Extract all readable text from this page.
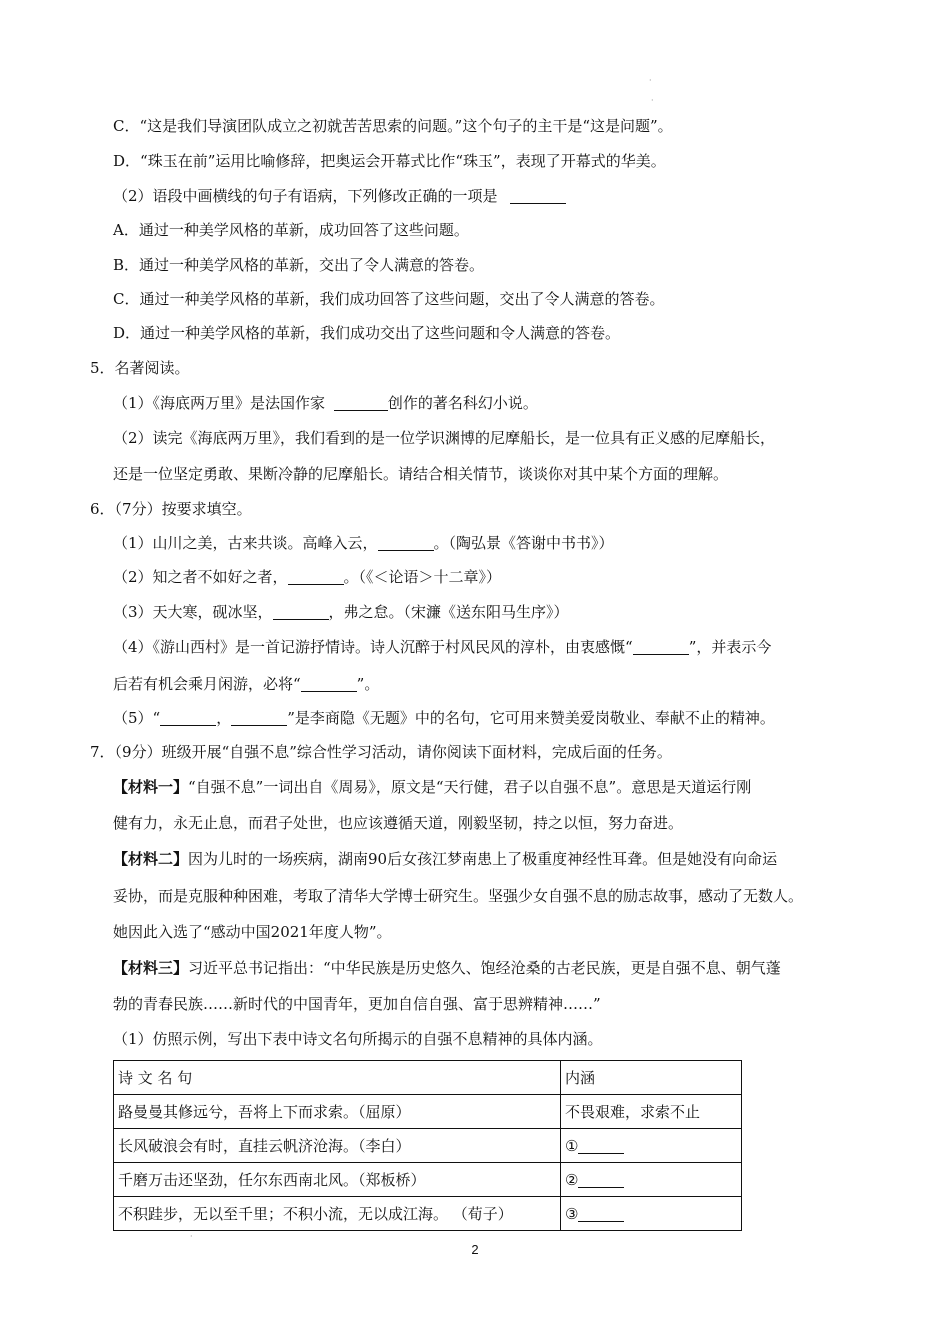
·
·
C．“这是我们导演团队成立之初就苦苦思索的问题。”这个句子的主干是“这是问题”。
D．“珠玉在前”运用比喻修辞，把奥运会开幕式比作“珠玉”，表现了开幕式的华美。
（2）语段中画横线的句子有语病，下列修改正确的一项是
A．通过一种美学风格的革新，成功回答了这些问题。
B．通过一种美学风格的革新，交出了令人满意的答卷。
C．通过一种美学风格的革新，我们成功回答了这些问题，交出了令人满意的答卷。
D．通过一种美学风格的革新，我们成功交出了这些问题和令人满意的答卷。
5．名著阅读。
（1）《海底两万里》是法国作家	创作的著名科幻小说。
（2）读完《海底两万里》，我们看到的是一位学识渊博的尼摩船长，是一位具有正义感的尼摩船长，
还是一位坚定勇敢、果断冷静的尼摩船长。请结合相关情节，谈谈你对其中某个方面的理解。
6．（7分）按要求填空。
（1）山川之美，古来共谈。高峰入云，	。（陶弘景《答谢中书书》）
（2）知之者不如好之者，	。（《＜论语＞十二章》）
（3）天大寒，砚冰坚，	，弗之怠。（宋濂《送东阳马生序》）
（4）《游山西村》是一首记游抒情诗。诗人沉醉于村风民风的淳朴，由衷感慨“	”，并表示今
后若有机会乘月闲游，必将“	”。
（5）“	，	”是李商隐《无题》中的名句，它可用来赞美爱岗敬业、奉献不止的精神。
7．（9分）班级开展“自强不息”综合性学习活动，请你阅读下面材料，完成后面的任务。
【材料一】“自强不息”一词出自《周易》，原文是“天行健，君子以自强不息”。意思是天道运行刚
健有力，永无止息，而君子处世，也应该遵循天道，刚毅坚韧，持之以恒，努力奋进。
【材料二】因为儿时的一场疾病，湖南90后女孩江梦南患上了极重度神经性耳聋。但是她没有向命运
妥协，而是克服种种困难，考取了清华大学博士研究生。坚强少女自强不息的励志故事，感动了无数人。
她因此入选了“感动中国2021年度人物”。
【材料三】习近平总书记指出：“中华民族是历史悠久、饱经沧桑的古老民族，更是自强不息、朝气蓬
勃的青春民族……新时代的中国青年，更加自信自强、富于思辨精神……”
（1）仿照示例，写出下表中诗文名句所揭示的自强不息精神的具体内涵。
诗 文 名 句	内涵
路曼曼其修远兮，吾将上下而求索。（屈原）	不畏艰难，求索不止
长风破浪会有时，直挂云帆济沧海。（李白）	①
千磨万击还坚劲，任尔东西南北风。（郑板桥）	②
不积跬步，无以至千里；不积小流，无以成江海。 （荀子）	③
·
2
